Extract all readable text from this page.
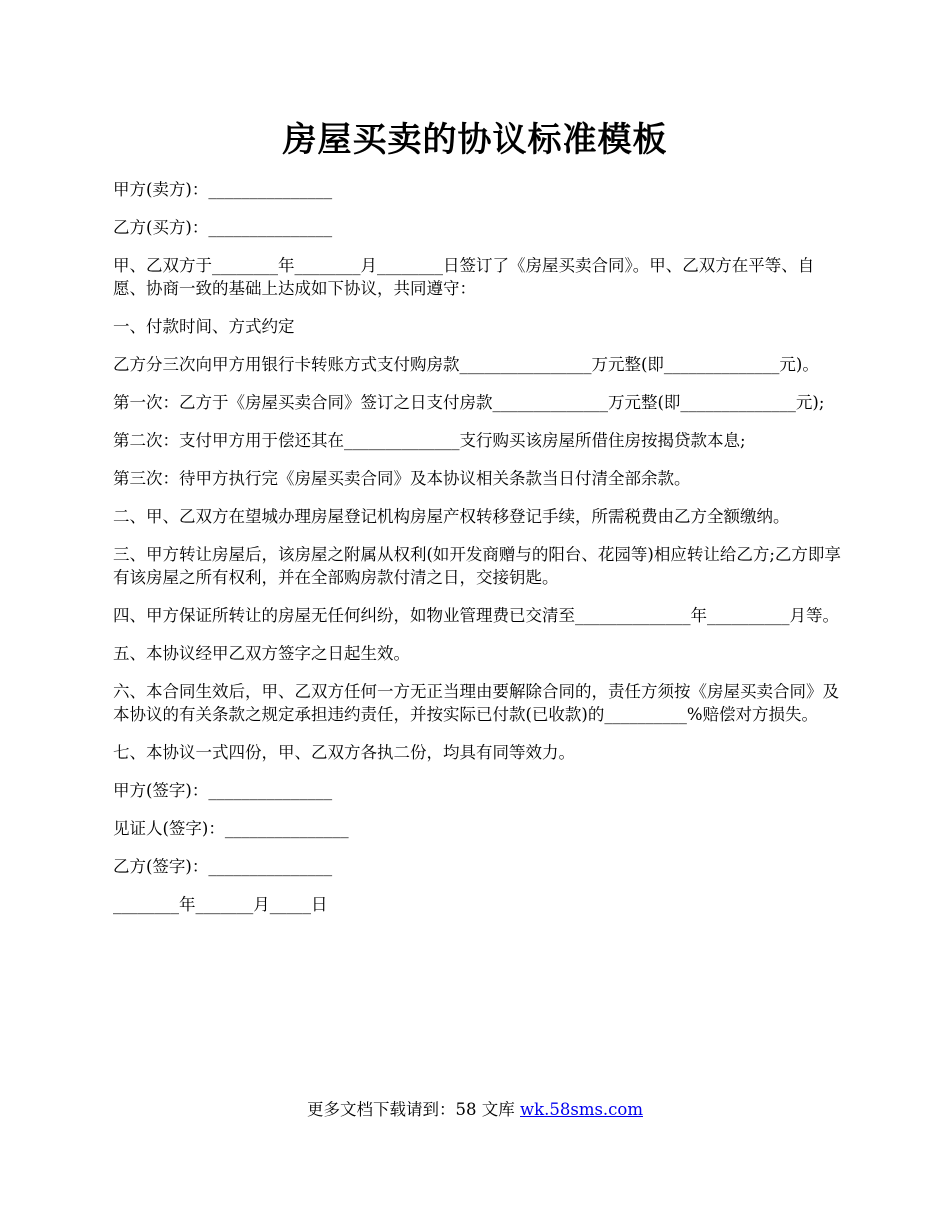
房屋买卖的协议标准模板

甲方(卖方)：_______________

乙方(买方)：_______________

甲、乙双方于________年________月________日签订了《房屋买卖合同》。甲、乙双方在平等、自愿、协商一致的基础上达成如下协议，共同遵守：

一、付款时间、方式约定

乙方分三次向甲方用银行卡转账方式支付购房款________________万元整(即______________元)。

第一次：乙方于《房屋买卖合同》签订之日支付房款______________万元整(即______________元);

第二次：支付甲方用于偿还其在______________支行购买该房屋所借住房按揭贷款本息;

第三次：待甲方执行完《房屋买卖合同》及本协议相关条款当日付清全部余款。

二、甲、乙双方在望城办理房屋登记机构房屋产权转移登记手续，所需税费由乙方全额缴纳。

三、甲方转让房屋后，该房屋之附属从权利(如开发商赠与的阳台、花园等)相应转让给乙方;乙方即享有该房屋之所有权利，并在全部购房款付清之日，交接钥匙。

四、甲方保证所转让的房屋无任何纠纷，如物业管理费已交清至______________年__________月等。

五、本协议经甲乙双方签字之日起生效。

六、本合同生效后，甲、乙双方任何一方无正当理由要解除合同的，责任方须按《房屋买卖合同》及本协议的有关条款之规定承担违约责任，并按实际已付款(已收款)的__________%赔偿对方损失。

七、本协议一式四份，甲、乙双方各执二份，均具有同等效力。

甲方(签字)：_______________

见证人(签字)：_______________

乙方(签字)：_______________

________年_______月_____日

更多文档下载请到：58 文库 wk.58sms.com
